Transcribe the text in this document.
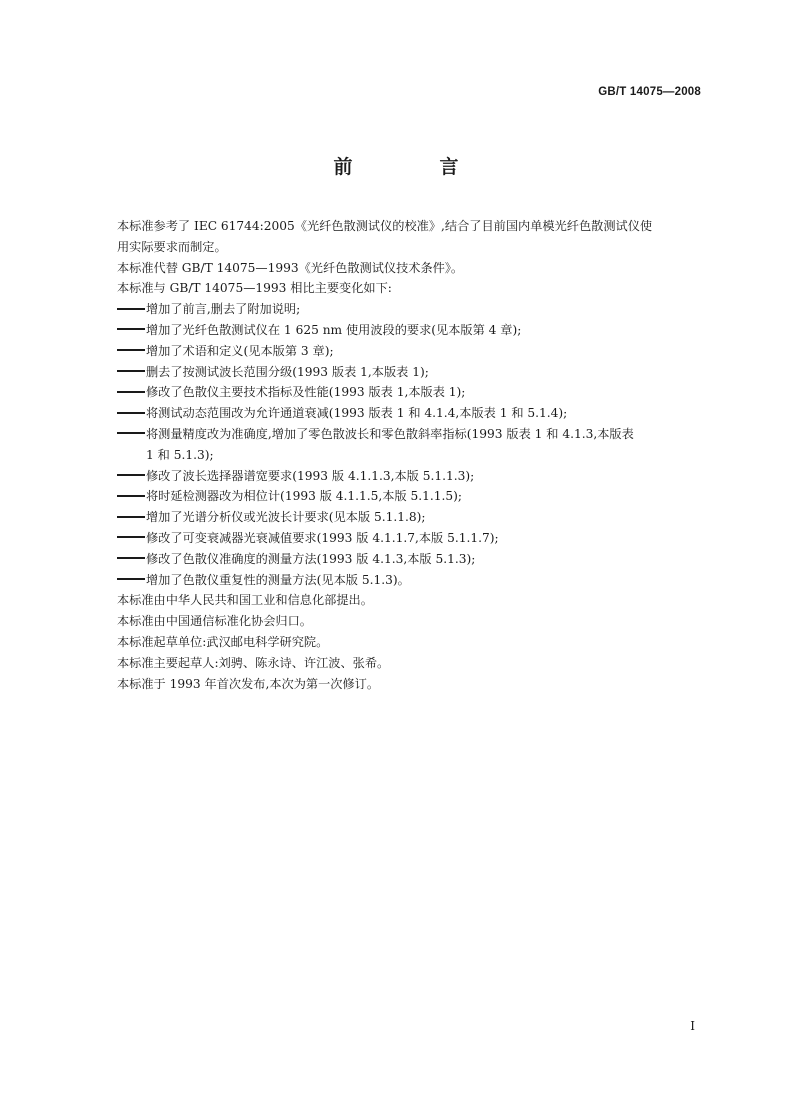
GB/T 14075—2008
前　言

本标准参考了 IEC 61744:2005《光纤色散测试仪的校准》,结合了目前国内单模光纤色散测试仪使

用实际要求而制定。

本标准代替 GB/T 14075—1993《光纤色散测试仪技术条件》。

本标准与 GB/T 14075—1993 相比主要变化如下:

增加了前言,删去了附加说明;

增加了光纤色散测试仪在 1 625 nm 使用波段的要求(见本版第 4 章);

增加了术语和定义(见本版第 3 章);

删去了按测试波长范围分级(1993 版表 1,本版表 1);

修改了色散仪主要技术指标及性能(1993 版表 1,本版表 1);

将测试动态范围改为允许通道衰减(1993 版表 1 和 4.1.4,本版表 1 和 5.1.4);

将测量精度改为准确度,增加了零色散波长和零色散斜率指标(1993 版表 1 和 4.1.3,本版表

1 和 5.1.3);

修改了波长选择器谱宽要求(1993 版 4.1.1.3,本版 5.1.1.3);

将时延检测器改为相位计(1993 版 4.1.1.5,本版 5.1.1.5);

增加了光谱分析仪或光波长计要求(见本版 5.1.1.8);

修改了可变衰减器光衰减值要求(1993 版 4.1.1.7,本版 5.1.1.7);

修改了色散仪准确度的测量方法(1993 版 4.1.3,本版 5.1.3);

增加了色散仪重复性的测量方法(见本版 5.1.3)。

本标准由中华人民共和国工业和信息化部提出。

本标准由中国通信标准化协会归口。

本标准起草单位:武汉邮电科学研究院。

本标准主要起草人:刘骋、陈永诗、许江波、张希。

本标准于 1993 年首次发布,本次为第一次修订。

I
